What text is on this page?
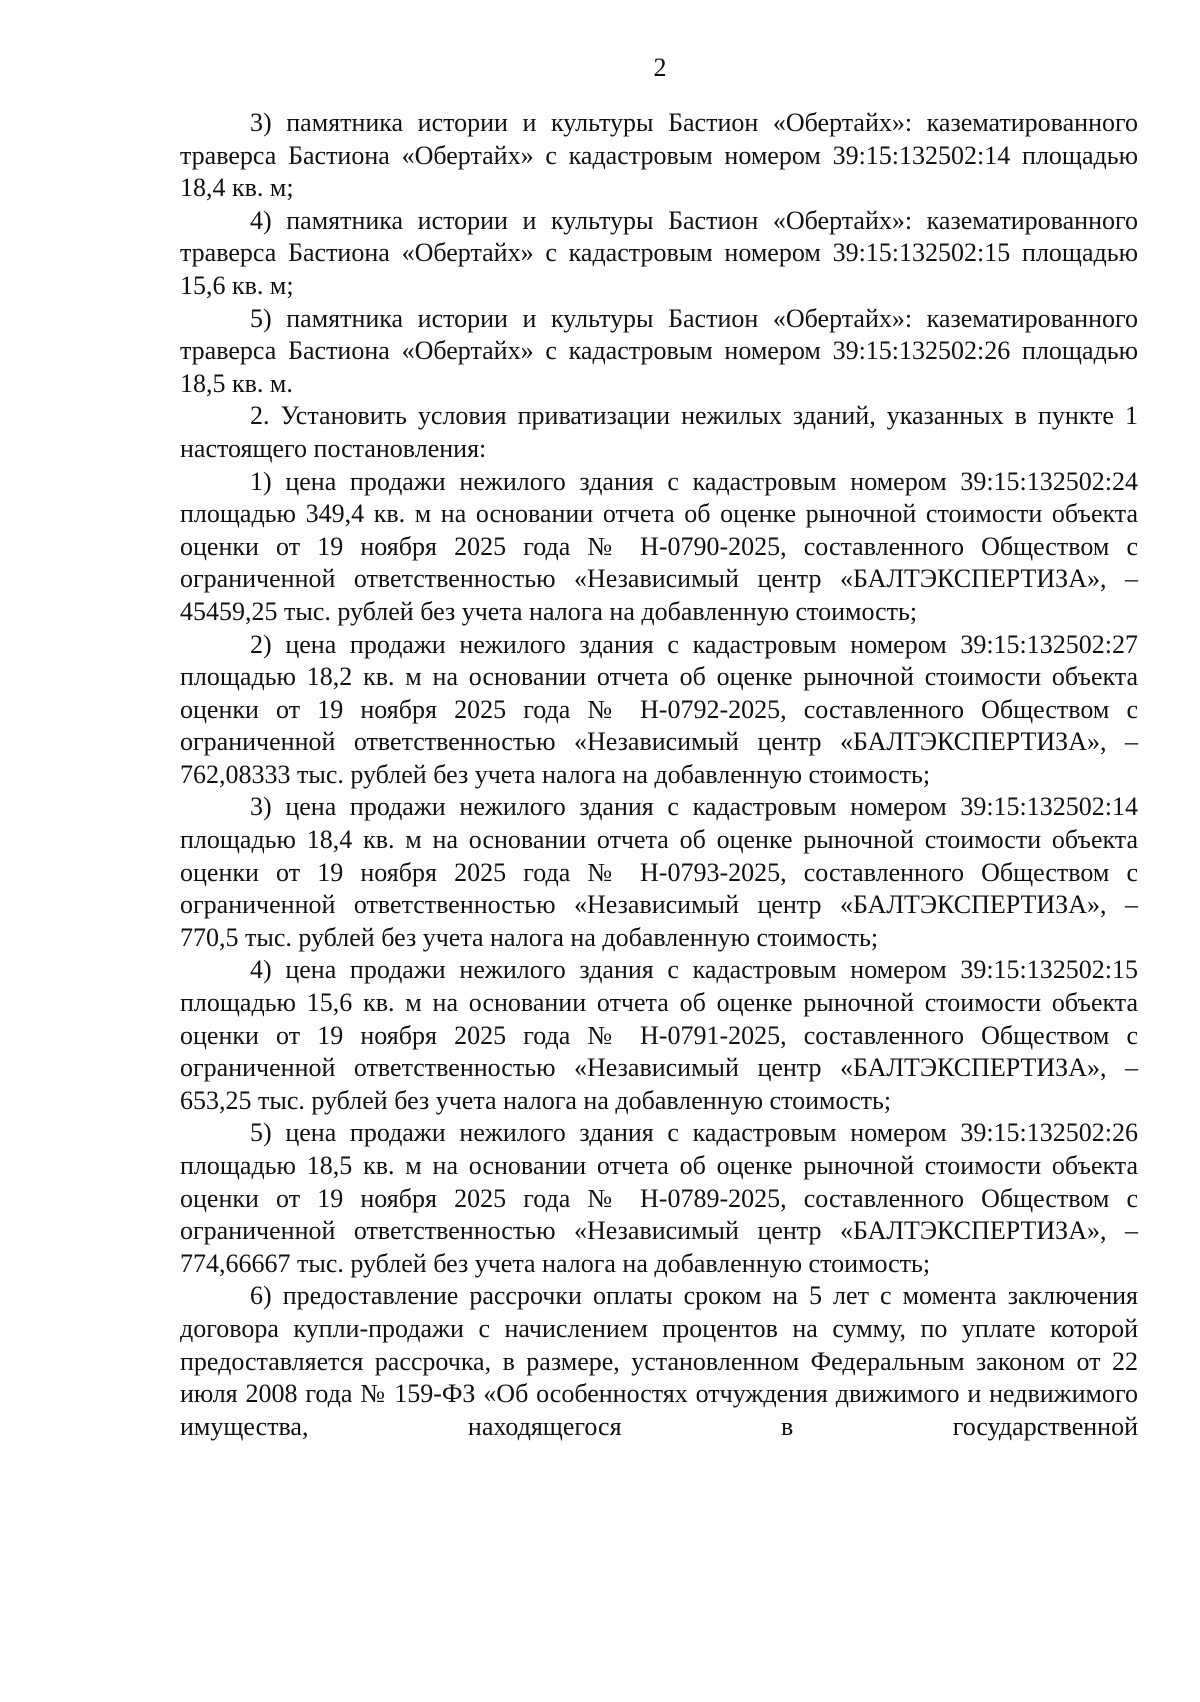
2

3) памятника истории и культуры Бастион «Обертайх»: казематированного траверса Бастиона «Обертайх» с кадастровым номером 39:15:132502:14 площадью 18,4 кв. м;

4) памятника истории и культуры Бастион «Обертайх»: казематированного траверса Бастиона «Обертайх» с кадастровым номером 39:15:132502:15 площадью 15,6 кв. м;

5) памятника истории и культуры Бастион «Обертайх»: казематированного траверса Бастиона «Обертайх» с кадастровым номером 39:15:132502:26 площадью 18,5 кв. м.

2. Установить условия приватизации нежилых зданий, указанных в пункте 1 настоящего постановления:

1) цена продажи нежилого здания с кадастровым номером 39:15:132502:24 площадью 349,4 кв. м на основании отчета об оценке рыночной стоимости объекта оценки от 19 ноября 2025 года № Н-0790-2025, составленного Обществом с ограниченной ответственностью «Независимый центр «БАЛТЭКСПЕРТИЗА», – 45459,25 тыс. рублей без учета налога на добавленную стоимость;

2) цена продажи нежилого здания с кадастровым номером 39:15:132502:27 площадью 18,2 кв. м на основании отчета об оценке рыночной стоимости объекта оценки от 19 ноября 2025 года № Н-0792-2025, составленного Обществом с ограниченной ответственностью «Независимый центр «БАЛТЭКСПЕРТИЗА», – 762,08333 тыс. рублей без учета налога на добавленную стоимость;

3) цена продажи нежилого здания с кадастровым номером 39:15:132502:14 площадью 18,4 кв. м на основании отчета об оценке рыночной стоимости объекта оценки от 19 ноября 2025 года № Н-0793-2025, составленного Обществом с ограниченной ответственностью «Независимый центр «БАЛТЭКСПЕРТИЗА», – 770,5 тыс. рублей без учета налога на добавленную стоимость;

4) цена продажи нежилого здания с кадастровым номером 39:15:132502:15 площадью 15,6 кв. м на основании отчета об оценке рыночной стоимости объекта оценки от 19 ноября 2025 года № Н-0791-2025, составленного Обществом с ограниченной ответственностью «Независимый центр «БАЛТЭКСПЕРТИЗА», – 653,25 тыс. рублей без учета налога на добавленную стоимость;

5) цена продажи нежилого здания с кадастровым номером 39:15:132502:26 площадью 18,5 кв. м на основании отчета об оценке рыночной стоимости объекта оценки от 19 ноября 2025 года № Н-0789-2025, составленного Обществом с ограниченной ответственностью «Независимый центр «БАЛТЭКСПЕРТИЗА», – 774,66667 тыс. рублей без учета налога на добавленную стоимость;

6) предоставление рассрочки оплаты сроком на 5 лет с момента заключения договора купли-продажи с начислением процентов на сумму, по уплате которой предоставляется рассрочка, в размере, установленном Федеральным законом от 22 июля 2008 года № 159-ФЗ «Об особенностях отчуждения движимого и недвижимого имущества, находящегося в государственной
